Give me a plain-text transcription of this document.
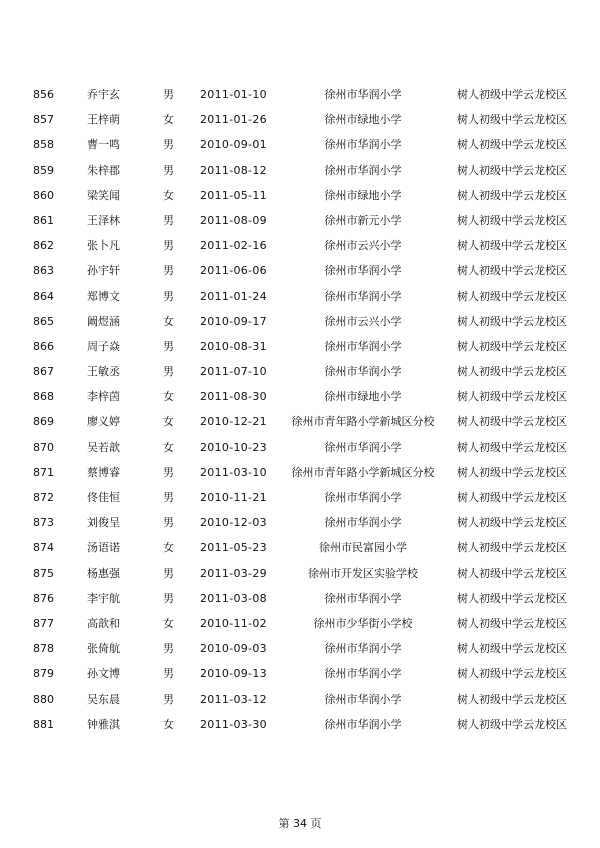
856	乔宇玄	男 2011-01-10	徐州市华润小学	树人初级中学云龙校区
857	王梓萌	女 2011-01-26	徐州市绿地小学	树人初级中学云龙校区
858	曹一鸣	男 2010-09-01	徐州市华润小学	树人初级中学云龙校区
859	朱梓郡	男 2011-08-12	徐州市华润小学	树人初级中学云龙校区
860	梁笑闻	女 2011-05-11	徐州市绿地小学	树人初级中学云龙校区
861	王泽林	男 2011-08-09	徐州市新元小学	树人初级中学云龙校区
862	张卜凡	男 2011-02-16	徐州市云兴小学	树人初级中学云龙校区
863	孙宇轩	男 2011-06-06	徐州市华润小学	树人初级中学云龙校区
864	郑博文	男 2011-01-24	徐州市华润小学	树人初级中学云龙校区
865	阚煜涵	女 2010-09-17	徐州市云兴小学	树人初级中学云龙校区
866	周子焱	男 2010-08-31	徐州市华润小学	树人初级中学云龙校区
867	王敏丞	男 2011-07-10	徐州市华润小学	树人初级中学云龙校区
868	李梓茵	女 2011-08-30	徐州市绿地小学	树人初级中学云龙校区
869	廖义婷	女 2010-12-21	徐州市青年路小学新城区分校	树人初级中学云龙校区
870	吴若歆	女 2010-10-23	徐州市华润小学	树人初级中学云龙校区
871	蔡博睿	男 2011-03-10	徐州市青年路小学新城区分校	树人初级中学云龙校区
872	佟佳恒	男 2010-11-21	徐州市华润小学	树人初级中学云龙校区
873	刘俊呈	男 2010-12-03	徐州市华润小学	树人初级中学云龙校区
874	汤语诺	女 2011-05-23	徐州市民富园小学	树人初级中学云龙校区
875	杨惠强	男 2011-03-29	徐州市开发区实验学校	树人初级中学云龙校区
876	李宇航	男 2011-03-08	徐州市华润小学	树人初级中学云龙校区
877	高歆和	女 2010-11-02	徐州市少华街小学校	树人初级中学云龙校区
878	张倚航	男 2010-09-03	徐州市华润小学	树人初级中学云龙校区
879	孙文博	男 2010-09-13	徐州市华润小学	树人初级中学云龙校区
880	吴东晨	男 2011-03-12	徐州市华润小学	树人初级中学云龙校区
881	钟雅淇	女 2011-03-30	徐州市华润小学	树人初级中学云龙校区
第 34 页
